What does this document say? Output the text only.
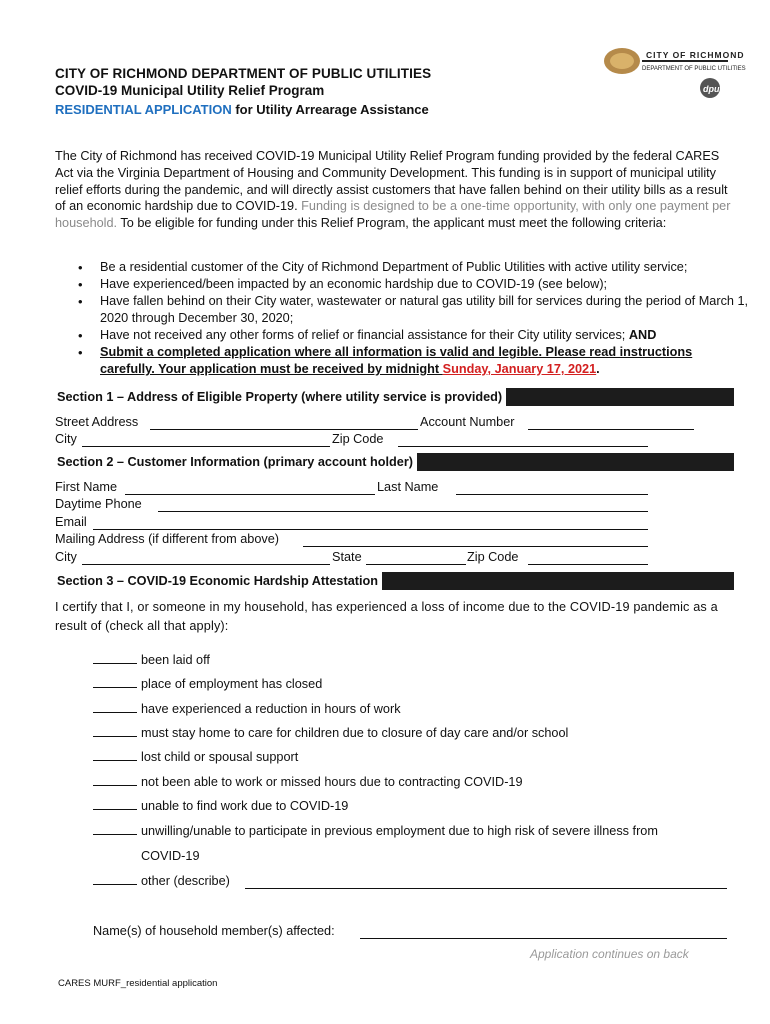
CITY OF RICHMOND DEPARTMENT OF PUBLIC UTILITIES
COVID-19 Municipal Utility Relief Program
RESIDENTIAL APPLICATION for Utility Arrearage Assistance
CITY OF RICHMOND
DEPARTMENT OF PUBLIC UTILITIES
dpu
The City of Richmond has received COVID-19 Municipal Utility Relief Program funding provided by the federal CARES Act via the Virginia Department of Housing and Community Development. This funding is in support of municipal utility relief efforts during the pandemic, and will directly assist customers that have fallen behind on their utility bills as a result of an economic hardship due to COVID-19. Funding is designed to be a one-time opportunity, with only one payment per household. To be eligible for funding under this Relief Program, the applicant must meet the following criteria:
• Be a residential customer of the City of Richmond Department of Public Utilities with active utility service;
• Have experienced/been impacted by an economic hardship due to COVID-19 (see below);
• Have fallen behind on their City water, wastewater or natural gas utility bill for services during the period of March 1, 2020 through December 30, 2020;
• Have not received any other forms of relief or financial assistance for their City utility services; AND
• Submit a completed application where all information is valid and legible. Please read instructions carefully. Your application must be received by midnight Sunday, January 17, 2021.
Section 1 – Address of Eligible Property (where utility service is provided)
Street Address	Account Number
City	Zip Code
Section 2 – Customer Information (primary account holder)
First Name	Last Name
Daytime Phone
Email
Mailing Address (if different from above)
City	State	Zip Code
Section 3 – COVID-19 Economic Hardship Attestation
I certify that I, or someone in my household, has experienced a loss of income due to the COVID-19 pandemic as a result of (check all that apply):
been laid off
place of employment has closed
have experienced a reduction in hours of work
must stay home to care for children due to closure of day care and/or school
lost child or spousal support
not been able to work or missed hours due to contracting COVID-19
unable to find work due to COVID-19
unwilling/unable to participate in previous employment due to high risk of severe illness from
COVID-19
other (describe)
Name(s) of household member(s) affected:
Application continues on back
CARES MURF_residential application
